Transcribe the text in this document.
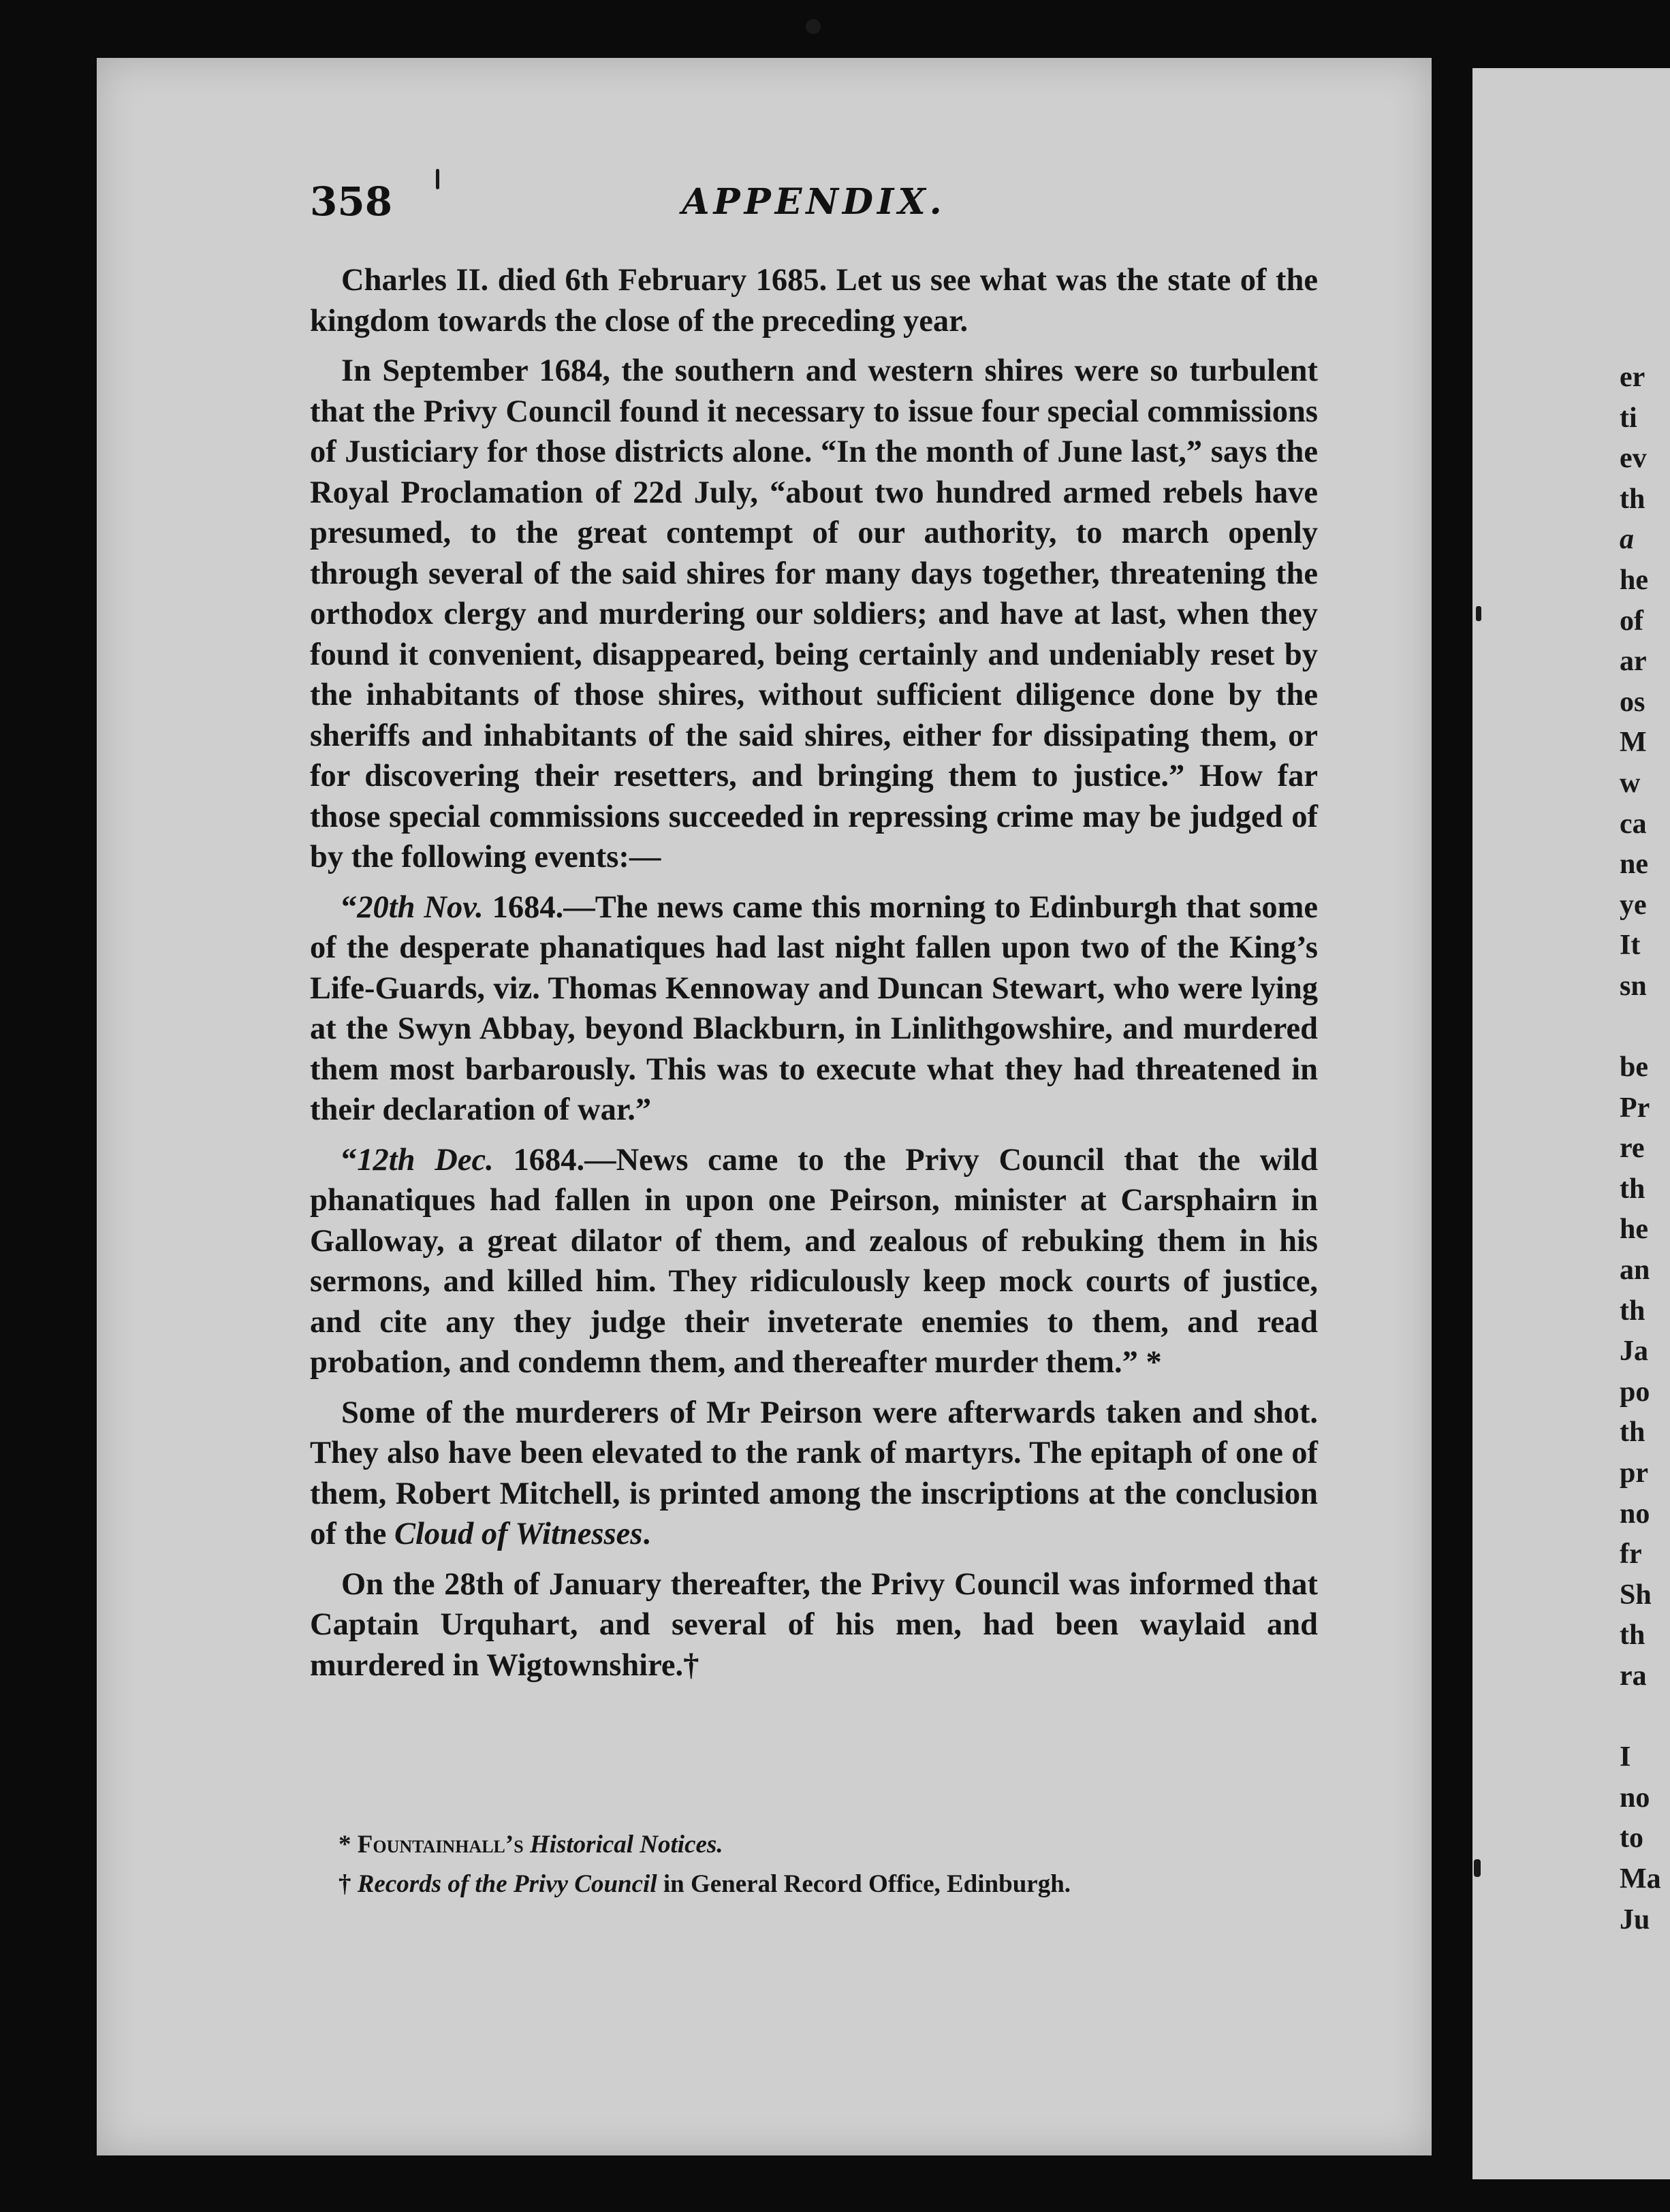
358	APPENDIX.

Charles II. died 6th February 1685. Let us see what was the state of the kingdom towards the close of the preceding year.

In September 1684, the southern and western shires were so turbulent that the Privy Council found it necessary to issue four special commissions of Justiciary for those districts alone. “In the month of June last,” says the Royal Proclamation of 22d July, “about two hundred armed rebels have presumed, to the great contempt of our authority, to march openly through several of the said shires for many days together, threatening the orthodox clergy and murdering our soldiers; and have at last, when they found it convenient, disappeared, being certainly and undeniably reset by the inhabitants of those shires, without sufficient diligence done by the sheriffs and inhabitants of the said shires, either for dissipating them, or for discovering their resetters, and bringing them to justice.” How far those special commissions succeeded in repressing crime may be judged of by the following events:—

“20th Nov. 1684.—The news came this morning to Edinburgh that some of the desperate phanatiques had last night fallen upon two of the King’s Life-Guards, viz. Thomas Kennoway and Duncan Stewart, who were lying at the Swyn Abbay, beyond Blackburn, in Linlithgowshire, and murdered them most barbarously. This was to execute what they had threatened in their declaration of war.”

“12th Dec. 1684.—News came to the Privy Council that the wild phanatiques had fallen in upon one Peirson, minister at Carsphairn in Galloway, a great dilator of them, and zealous of rebuking them in his sermons, and killed him. They ridiculously keep mock courts of justice, and cite any they judge their inveterate enemies to them, and read probation, and condemn them, and thereafter murder them.” *

Some of the murderers of Mr Peirson were afterwards taken and shot. They also have been elevated to the rank of martyrs. The epitaph of one of them, Robert Mitchell, is printed among the inscriptions at the conclusion of the Cloud of Witnesses.

On the 28th of January thereafter, the Privy Council was informed that Captain Urquhart, and several of his men, had been waylaid and murdered in Wigtownshire.†

* Fountainhall’s Historical Notices.

† Records of the Privy Council in General Record Office, Edinburgh.

er
ti
ev
th
a
he
of
ar
os
M
w
ca
ne
ye
It
sn
be
Pr
re
th
he
an
th
Ja
po
th
pr
no
fr
Sh
th
ra
I
no
to
Ma
Ju
